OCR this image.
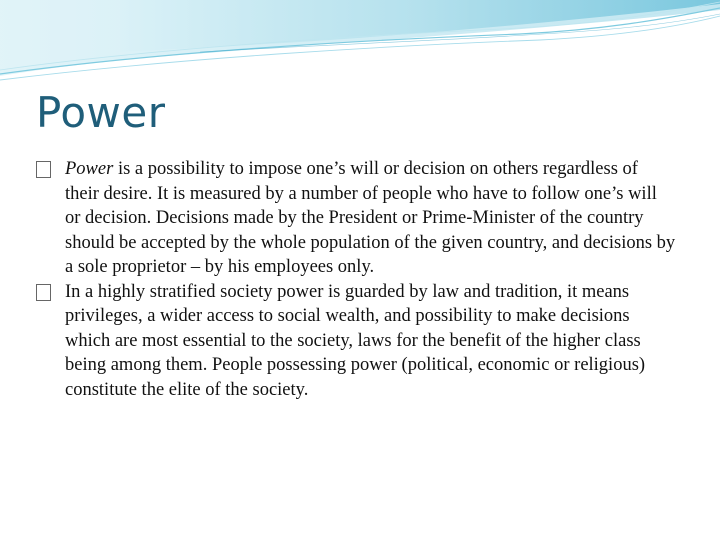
Power
Power is a possibility to impose one’s will or decision on others regardless of their desire. It is measured by a number of people who have to follow one’s will or decision. Decisions made by the President or Prime-Minister of the country should be accepted by the whole population of the given country, and decisions by a sole proprietor – by his employees only.
In a highly stratified society power is guarded by law and tradition, it means privileges, a wider access to social wealth, and possibility to make decisions which are most essential to the society, laws for the benefit of the higher class being among them. People possessing power (political, economic or religious) constitute the elite of the society.
